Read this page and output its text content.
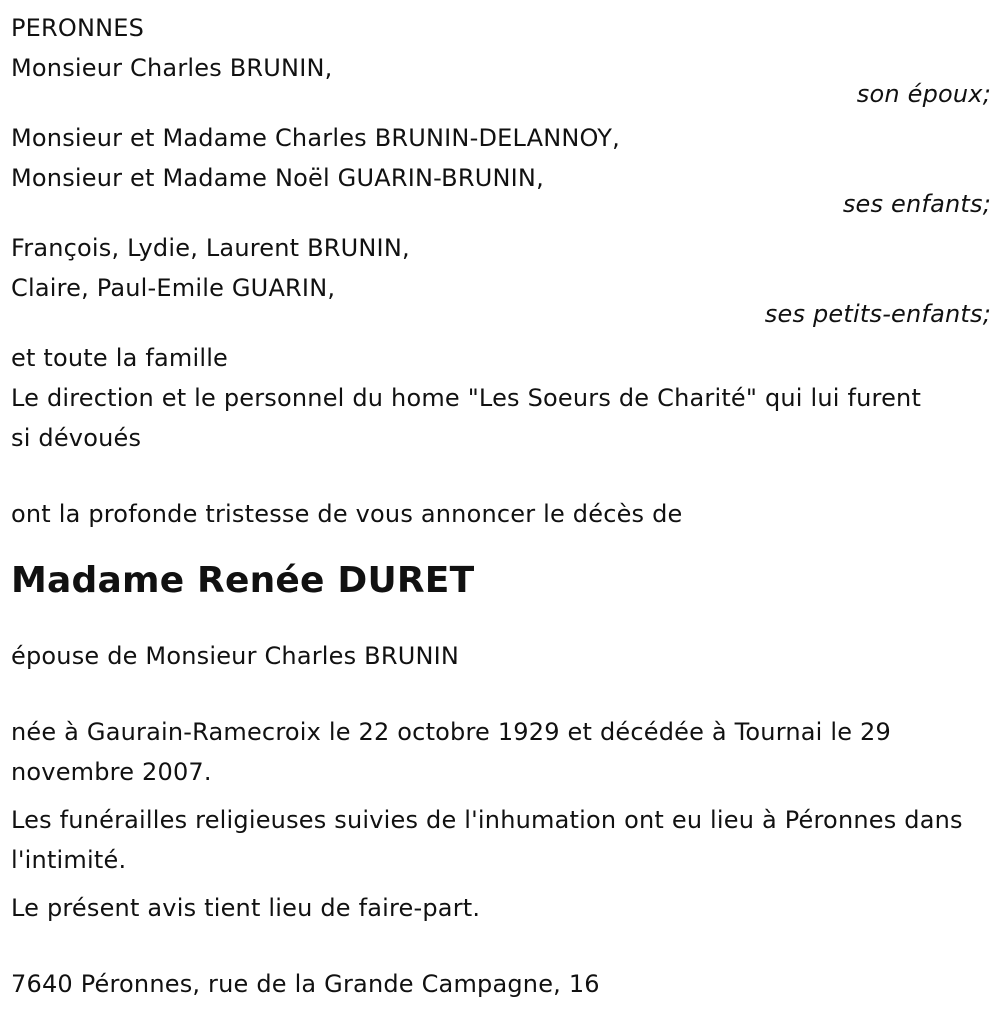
PERONNES
Monsieur Charles BRUNIN,
son époux;
Monsieur et Madame Charles BRUNIN-DELANNOY,
Monsieur et Madame Noël GUARIN-BRUNIN,
ses enfants;
François, Lydie, Laurent BRUNIN,
Claire, Paul-Emile GUARIN,
ses petits-enfants;
et toute la famille
Le direction et le personnel du home "Les Soeurs de Charité" qui lui furent si dévoués
ont la profonde tristesse de vous annoncer le décès de
Madame Renée DURET
épouse de Monsieur Charles BRUNIN
née à Gaurain-Ramecroix le 22 octobre 1929 et décédée à Tournai le 29 novembre 2007.
Les funérailles religieuses suivies de l'inhumation ont eu lieu à Péronnes dans l'intimité.
Le présent avis tient lieu de faire-part.
7640 Péronnes, rue de la Grande Campagne, 16
